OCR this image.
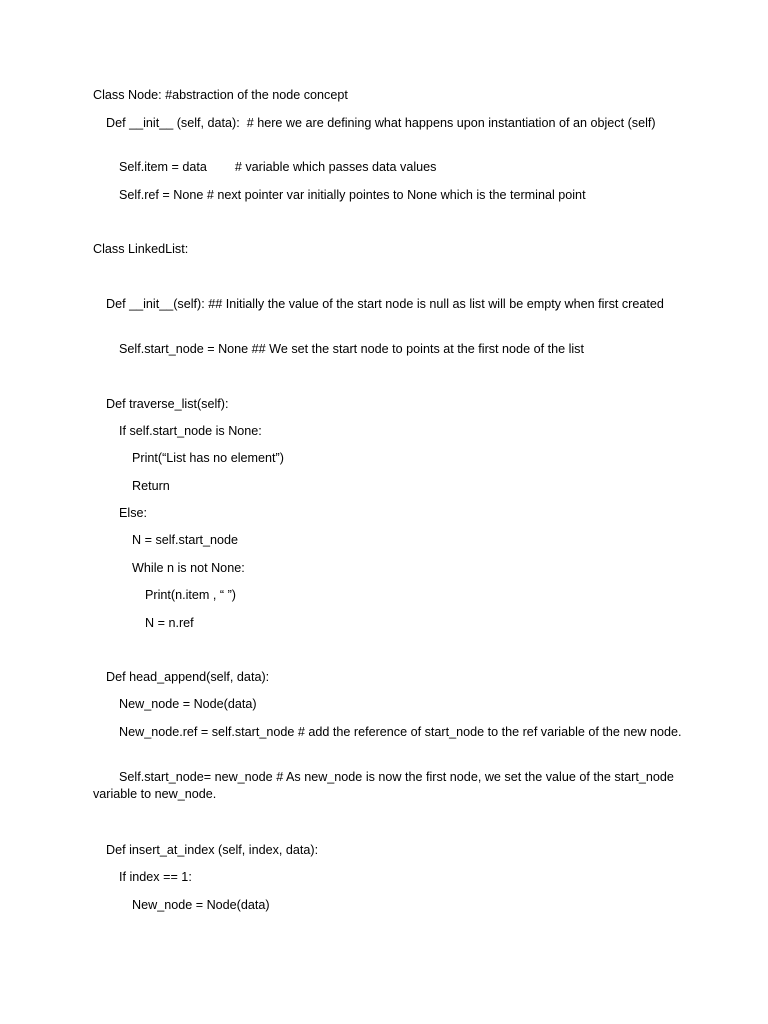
Class Node: #abstraction of the node concept
Def __init__ (self, data):  # here we are defining what happens upon instantiation of an object (self)
Self.item = data        # variable which passes data values
Self.ref = None # next pointer var initially pointes to None which is the terminal point
Class LinkedList:
Def __init__(self): ## Initially the value of the start node is null as list will be empty when first created
Self.start_node = None ## We set the start node to points at the first node of the list
Def traverse_list(self):
If self.start_node is None:
Print(“List has no element”)
Return
Else:
N = self.start_node
While n is not None:
Print(n.item , “ ”)
N = n.ref
Def head_append(self, data):
New_node = Node(data)
New_node.ref = self.start_node # add the reference of start_node to the ref variable of the new node.
Self.start_node= new_node # As new_node is now the first node, we set the value of the start_node variable to new_node.
Def insert_at_index (self, index, data):
If index == 1:
New_node = Node(data)
